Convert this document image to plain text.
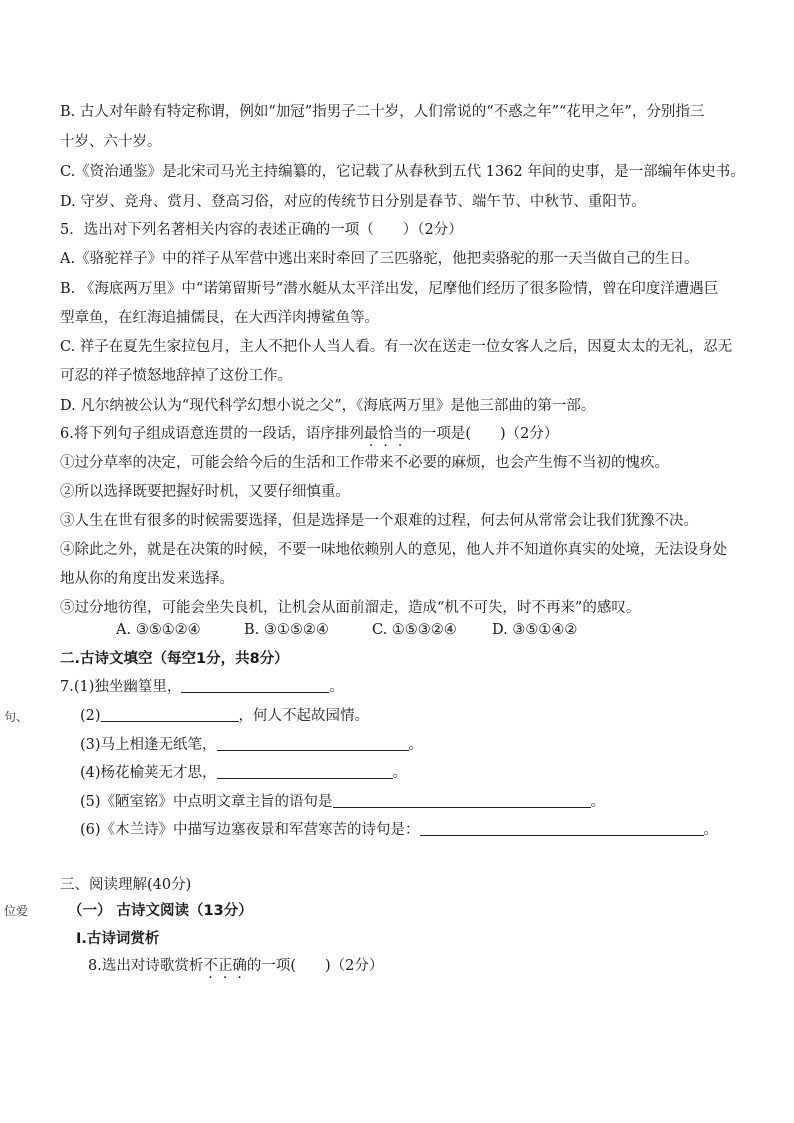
B. 古人对年龄有特定称谓，例如“加冠”指男子二十岁，人们常说的“不惑之年”“花甲之年”，分别指三
十岁、六十岁。
C.《资治通鉴》是北宋司马光主持编纂的，它记载了从春秋到五代 1362 年间的史事，是一部编年体史书。
D. 守岁、竞舟、赏月、登高习俗，对应的传统节日分别是春节、端午节、中秋节、重阳节。
5．选出对下列名著相关内容的表述正确的一项（　　）（2分）
A.《骆驼祥子》中的祥子从军营中逃出来时牵回了三匹骆驼，他把卖骆驼的那一天当做自己的生日。
B. 《海底两万里》中“诺第留斯号”潜水艇从太平洋出发，尼摩他们经历了很多险情，曾在印度洋遭遇巨
型章鱼，在红海追捕儒艮，在大西洋肉搏鲨鱼等。
C. 祥子在夏先生家拉包月，主人不把仆人当人看。有一次在送走一位女客人之后，因夏太太的无礼，忍无
可忍的祥子愤怒地辞掉了这份工作。
D. 凡尔纳被公认为“现代科学幻想小说之父”，《海底两万里》是他三部曲的第一部。
6.将下列句子组成语意连贯的一段话，语序排列最恰当的一项是(　　)（2分）
①过分草率的决定，可能会给今后的生活和工作带来不必要的麻烦，也会产生悔不当初的愧疚。
②所以选择既要把握好时机，又要仔细慎重。
③人生在世有很多的时候需要选择，但是选择是一个艰难的过程，何去何从常常会让我们犹豫不决。
④除此之外，就是在决策的时候，不要一味地依赖别人的意见，他人并不知道你真实的处境，无法设身处
地从你的角度出发来选择。
⑤过分地彷徨，可能会坐失良机，让机会从面前溜走，造成“机不可失，时不再来”的感叹。
A. ③⑤①②④	B. ③①⑤②④	C. ①⑤③②④ D. ③⑤①④②
二.古诗文填空（每空1分，共8分）
7.(1)独坐幽篁里，	。
句、	(2)	，何人不起故园情。
(3)马上相逢无纸笔，	。
(4)杨花榆荚无才思，	。
(5)《陋室铭》中点明文章主旨的语句是	。
(6)《木兰诗》中描写边塞夜景和军营寒苦的诗句是：	。
三、阅读理解(40分)
位爱	（一） 古诗文阅读（13分）
Ⅰ.古诗词赏析
8.选出对诗歌赏析不正确的一项(　　)（2分）
